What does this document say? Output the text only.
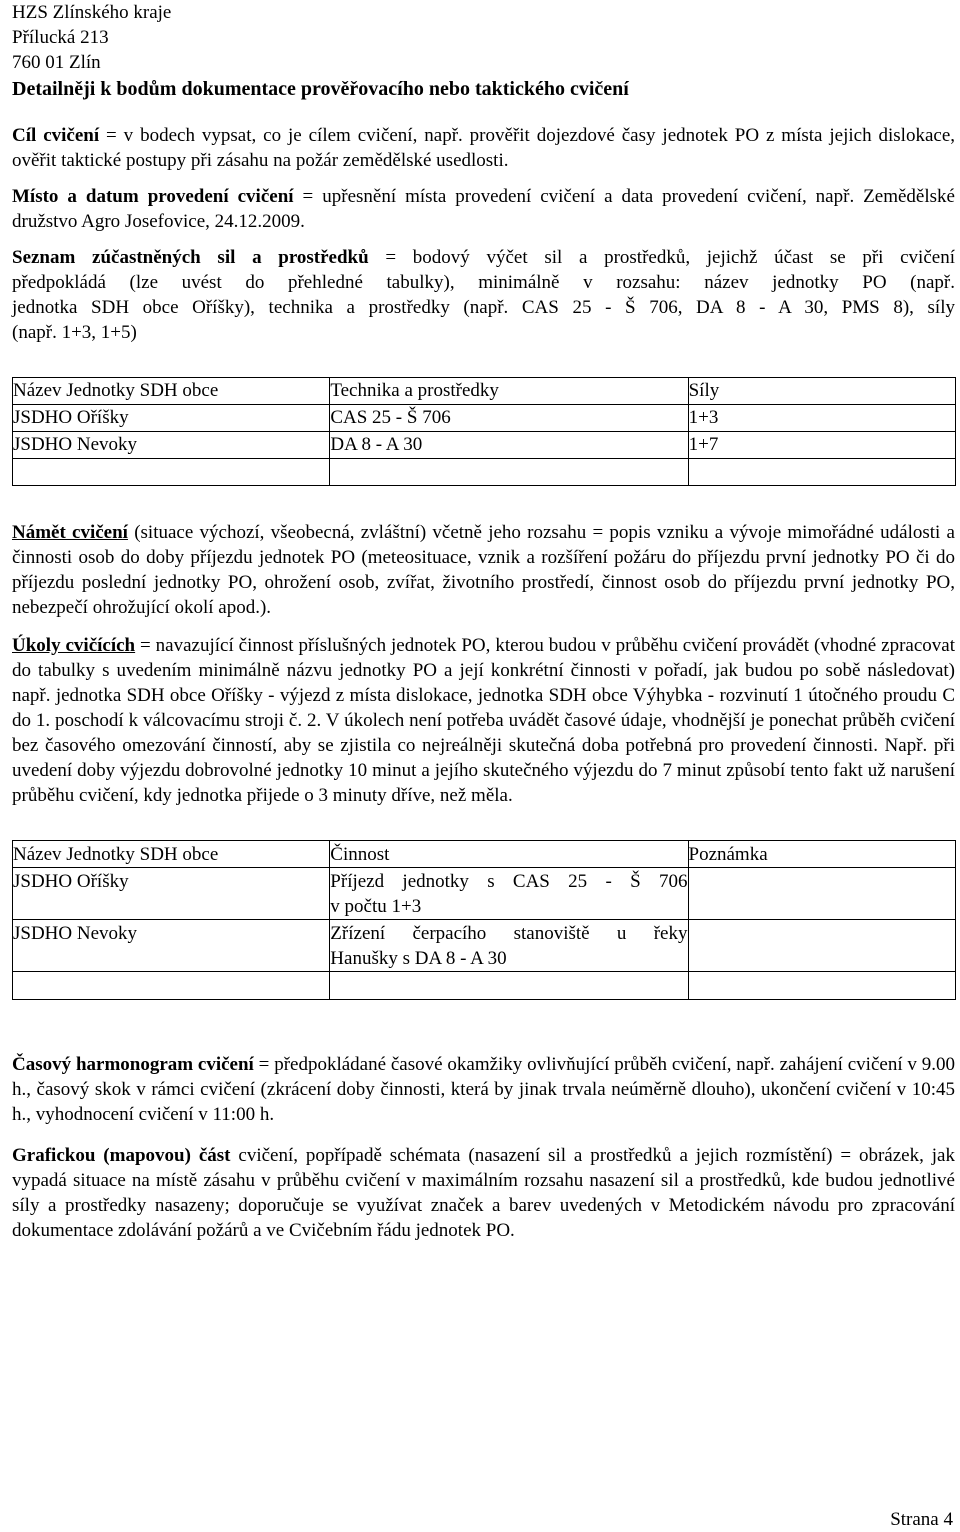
HZS Zlínského kraje
Přílucká 213
760 01 Zlín
Detailněji k bodům dokumentace prověřovacího nebo taktického cvičení

Cíl cvičení = v bodech vypsat, co je cílem cvičení, např. prověřit dojezdové časy jednotek PO z místa jejich dislokace, ověřit taktické postupy při zásahu na požár zemědělské usedlosti.

Místo a datum provedení cvičení = upřesnění místa provedení cvičení a data provedení cvičení, např. Zemědělské družstvo Agro Josefovice, 24.12.2009.

Seznam zúčastněných sil a prostředků = bodový výčet sil a prostředků, jejichž účast se při cvičení
předpokládá (lze uvést do přehledné tabulky), minimálně v rozsahu: název jednotky PO (např.
jednotka SDH obce Oříšky), technika a prostředky (např. CAS 25 - Š 706, DA 8 - A 30, PMS 8), síly
(např. 1+3, 1+5)
Název Jednotky SDH obce	Technika a prostředky	Síly
JSDHO Oříšky	CAS 25 - Š 706	1+3
JSDHO Nevoky	DA 8 - A 30	1+7

Námět cvičení (situace výchozí, všeobecná, zvláštní) včetně jeho rozsahu = popis vzniku a vývoje mimořádné události a činnosti osob do doby příjezdu jednotek PO (meteosituace, vznik a rozšíření požáru do příjezdu první jednotky PO či do příjezdu poslední jednotky PO, ohrožení osob, zvířat, životního prostředí, činnost osob do příjezdu první jednotky PO, nebezpečí ohrožující okolí apod.).

Úkoly cvičících = navazující činnost příslušných jednotek PO, kterou budou v průběhu cvičení provádět (vhodné zpracovat do tabulky s uvedením minimálně názvu jednotky PO a její konkrétní činnosti v pořadí, jak budou po sobě následovat) např. jednotka SDH obce Oříšky - výjezd z místa dislokace, jednotka SDH obce Výhybka - rozvinutí 1 útočného proudu C do 1. poschodí k válcovacímu stroji č. 2. V úkolech není potřeba uvádět časové údaje, vhodnější je ponechat průběh cvičení bez časového omezování činností, aby se zjistila co nejreálněji skutečná doba potřebná pro provedení činnosti. Např. při uvedení doby výjezdu dobrovolné jednotky 10 minut a jejího skutečného výjezdu do 7 minut způsobí tento fakt už narušení průběhu cvičení, kdy jednotka přijede o 3 minuty dříve, než měla.

Název Jednotky SDH obce	Činnost	Poznámka
JSDHO Oříšky	Příjezd jednotky s CAS 25 - Š 706
v počtu 1+3	
JSDHO Nevoky	Zřízení čerpacího stanoviště u řeky
Hanušky s DA 8 - A 30	

Časový harmonogram cvičení = předpokládané časové okamžiky ovlivňující průběh cvičení, např. zahájení cvičení v 9.00 h., časový skok v rámci cvičení (zkrácení doby činnosti, která by jinak trvala neúměrně dlouho), ukončení cvičení v 10:45 h., vyhodnocení cvičení v 11:00 h.

Grafickou (mapovou) část cvičení, popřípadě schémata (nasazení sil a prostředků a jejich rozmístění) = obrázek, jak vypadá situace na místě zásahu v průběhu cvičení v maximálním rozsahu nasazení sil a prostředků, kde budou jednotlivé síly a prostředky nasazeny; doporučuje se využívat značek a barev uvedených v Metodickém návodu pro zpracování dokumentace zdolávání požárů a ve Cvičebním řádu jednotek PO.

Strana 4
